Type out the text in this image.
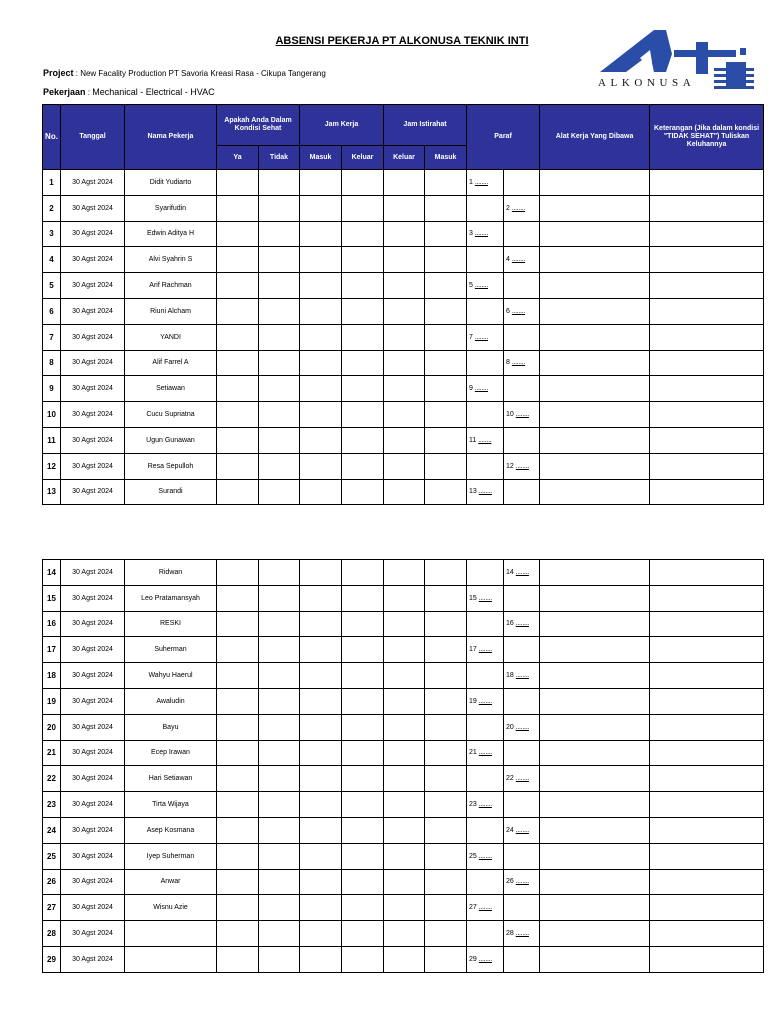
ABSENSI PEKERJA PT ALKONUSA TEKNIK INTI
Project : New Facality Production PT Savoria Kreasi Rasa - Cikupa Tangerang
Pekerjaan : Mechanical - Electrical - HVAC
ALKONUSA
No.	Tanggal	Nama Pekerja	Apakah Anda Dalam Kondisi Sehat		Jam Kerja		Jam Istirahat		Paraf		Alat Kerja Yang Dibawa	Keterangan (Jika dalam kondisi "TIDAK SEHAT") Tuliskan Keluhannya
			Ya	Tidak	Masuk	Keluar	Keluar	Masuk				
1	30 Agst 2024	Didit Yudiarto							1 ........			
2	30 Agst 2024	Syarifudin								2 ........		
3	30 Agst 2024	Edwin Aditya H							3 ........			
4	30 Agst 2024	Alvi Syahrin S								4 ........		
5	30 Agst 2024	Arif Rachman							5 ........			
6	30 Agst 2024	Riuni Alcham								6 ........		
7	30 Agst 2024	YANDI							7 ........			
8	30 Agst 2024	Alif Farrel A								8 ........		
9	30 Agst 2024	Setiawan							9 ........			
10	30 Agst 2024	Cucu Supriatna								10 ........		
11	30 Agst 2024	Ugun Gunawan							11 ........			
12	30 Agst 2024	Resa Sepulloh								12 ........		
13	30 Agst 2024	Surandi							13 ........			
14	30 Agst 2024	Ridwan								14 ........		
15	30 Agst 2024	Leo Pratamansyah							15 ........			
16	30 Agst 2024	RESKI								16 ........		
17	30 Agst 2024	Suherman							17 ........			
18	30 Agst 2024	Wahyu Haerul								18 ........		
19	30 Agst 2024	Awaludin							19 ........			
20	30 Agst 2024	Bayu								20 ........		
21	30 Agst 2024	Ecep Irawan							21 ........			
22	30 Agst 2024	Hari Setiawan								22 ........		
23	30 Agst 2024	Tirta Wijaya							23 ........			
24	30 Agst 2024	Asep Kosmana								24 ........		
25	30 Agst 2024	Iyep Suherman							25 ........			
26	30 Agst 2024	Anwar								26 ........		
27	30 Agst 2024	Wisnu Azie							27 ........			
28	30 Agst 2024									28 ........		
29	30 Agst 2024								29 ........			
